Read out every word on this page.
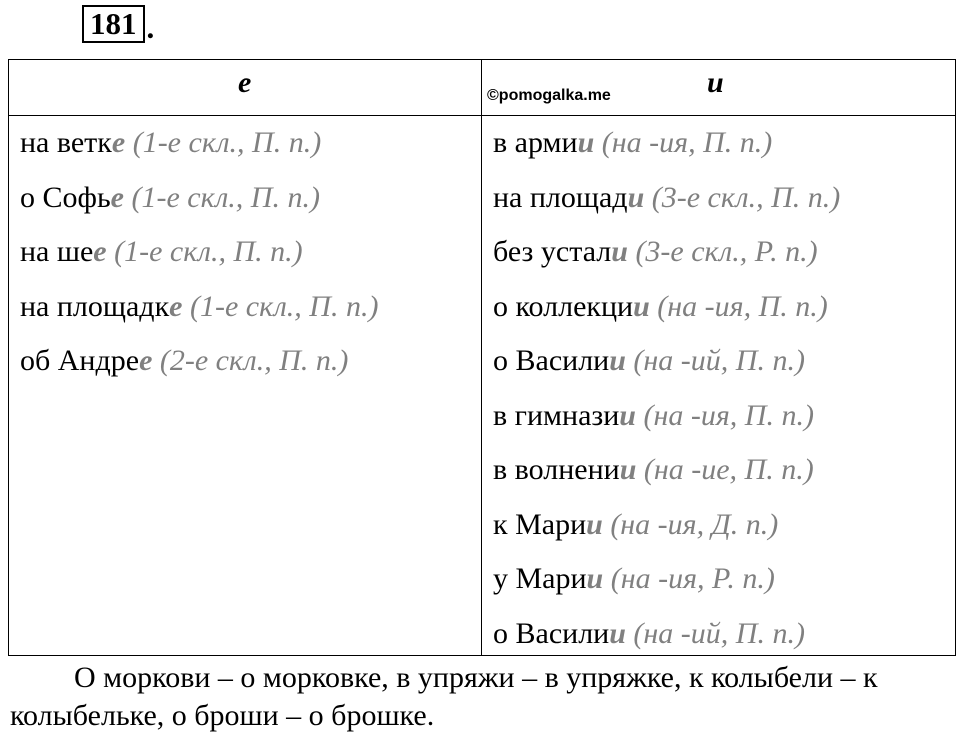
181 .
е	и
©pomogalka.me
на ветке (1-е скл., П. п.)
о Софье (1-е скл., П. п.)
на шее (1-е скл., П. п.)
на площадке (1-е скл., П. п.)
об Андрее (2-е скл., П. п.)
в армии (на -ия, П. п.)
на площади (3-е скл., П. п.)
без устали (3-е скл., Р. п.)
о коллекции (на -ия, П. п.)
о Василии (на -ий, П. п.)
в гимназии (на -ия, П. п.)
в волнении (на -ие, П. п.)
к Марии (на -ия, Д. п.)
у Марии (на -ия, Р. п.)
о Василии (на -ий, П. п.)

О моркови – о морковке, в упряжи – в упряжке, к колыбели – к колыбельке, о броши – о брошке.
